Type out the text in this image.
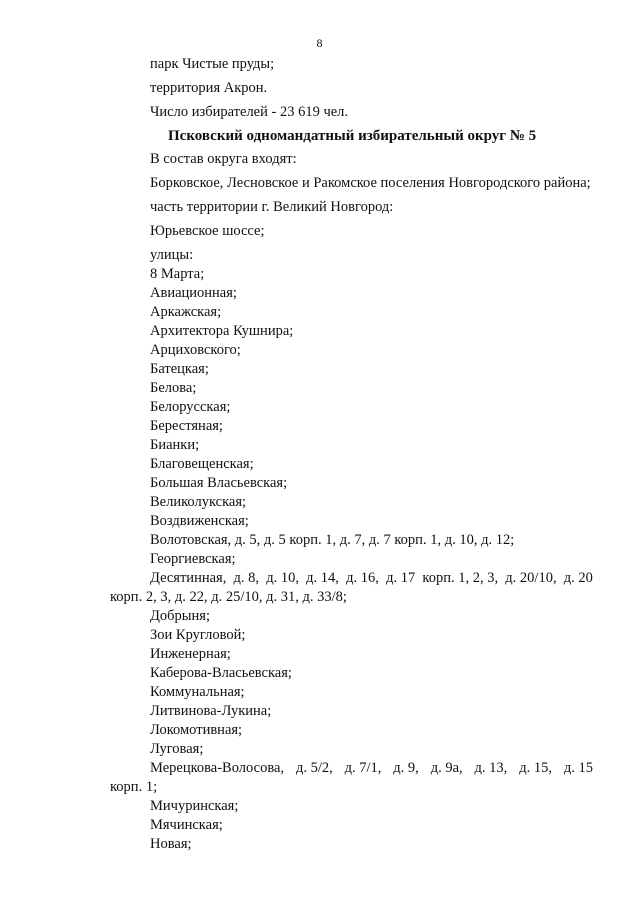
8
парк Чистые пруды;
территория Акрон.
Число избирателей - 23 619 чел.
Псковский одномандатный избирательный округ № 5
В состав округа входят:
Борковское, Лесновское и Ракомское поселения Новгородского района;
часть территории г. Великий Новгород:
Юрьевское шоссе;
улицы:
8 Марта;
Авиационная;
Аркажская;
Архитектора Кушнира;
Арциховского;
Батецкая;
Белова;
Белорусская;
Берестяная;
Бианки;
Благовещенская;
Большая Власьевская;
Великолукская;
Воздвиженская;
Волотовская, д. 5, д. 5 корп. 1, д. 7, д. 7 корп. 1, д. 10, д. 12;
Георгиевская;
Десятинная, д. 8, д. 10, д. 14, д. 16, д. 17 корп. 1, 2, 3, д. 20/10, д. 20
корп. 2, 3, д. 22, д. 25/10, д. 31, д. 33/8;
Добрыня;
Зои Кругловой;
Инженерная;
Каберова-Власьевская;
Коммунальная;
Литвинова-Лукина;
Локомотивная;
Луговая;
Мерецкова-Волосова, д. 5/2, д. 7/1, д. 9, д. 9а, д. 13, д. 15, д. 15
корп. 1;
Мичуринская;
Мячинская;
Новая;
